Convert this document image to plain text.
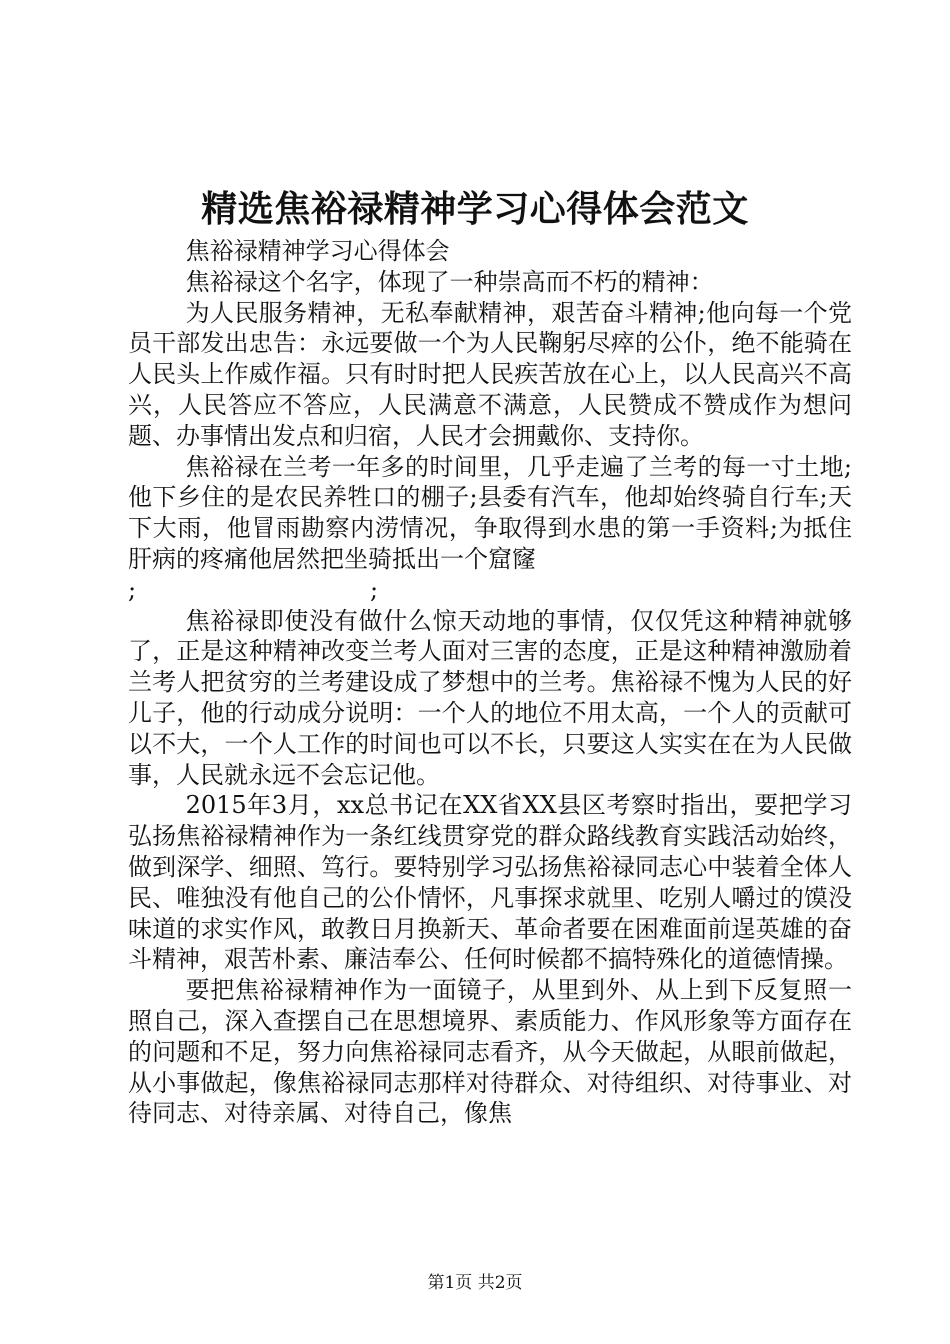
精选焦裕禄精神学习心得体会范文

焦裕禄精神学习心得体会

焦裕禄这个名字，体现了一种崇高而不朽的精神：

为人民服务精神，无私奉献精神，艰苦奋斗精神;他向每一个党员干部发出忠告：永远要做一个为人民鞠躬尽瘁的公仆，绝不能骑在人民头上作威作福。只有时时把人民疾苦放在心上，以人民高兴不高兴，人民答应不答应，人民满意不满意，人民赞成不赞成作为想问题、办事情出发点和归宿，人民才会拥戴你、支持你。

焦裕禄在兰考一年多的时间里，几乎走遍了兰考的每一寸土地;他下乡住的是农民养牲口的棚子;县委有汽车，他却始终骑自行车;天下大雨，他冒雨勘察内涝情况，争取得到水患的第一手资料;为抵住肝病的疼痛他居然把坐骑抵出一个窟窿

;	;

焦裕禄即使没有做什么惊天动地的事情，仅仅凭这种精神就够了，正是这种精神改变兰考人面对三害的态度，正是这种精神激励着兰考人把贫穷的兰考建设成了梦想中的兰考。焦裕禄不愧为人民的好儿子，他的行动成分说明：一个人的地位不用太高，一个人的贡献可以不大，一个人工作的时间也可以不长，只要这人实实在在为人民做事，人民就永远不会忘记他。

2015年3月，xx总书记在XX省XX县区考察时指出，要把学习弘扬焦裕禄精神作为一条红线贯穿党的群众路线教育实践活动始终，做到深学、细照、笃行。要特别学习弘扬焦裕禄同志心中装着全体人民、唯独没有他自己的公仆情怀，凡事探求就里、吃别人嚼过的馍没味道的求实作风，敢教日月换新天、革命者要在困难面前逞英雄的奋斗精神，艰苦朴素、廉洁奉公、任何时候都不搞特殊化的道德情操。

要把焦裕禄精神作为一面镜子，从里到外、从上到下反复照一照自己，深入查摆自己在思想境界、素质能力、作风形象等方面存在的问题和不足，努力向焦裕禄同志看齐，从今天做起，从眼前做起，从小事做起，像焦裕禄同志那样对待群众、对待组织、对待事业、对待同志、对待亲属、对待自己，像焦

第1页 共2页
